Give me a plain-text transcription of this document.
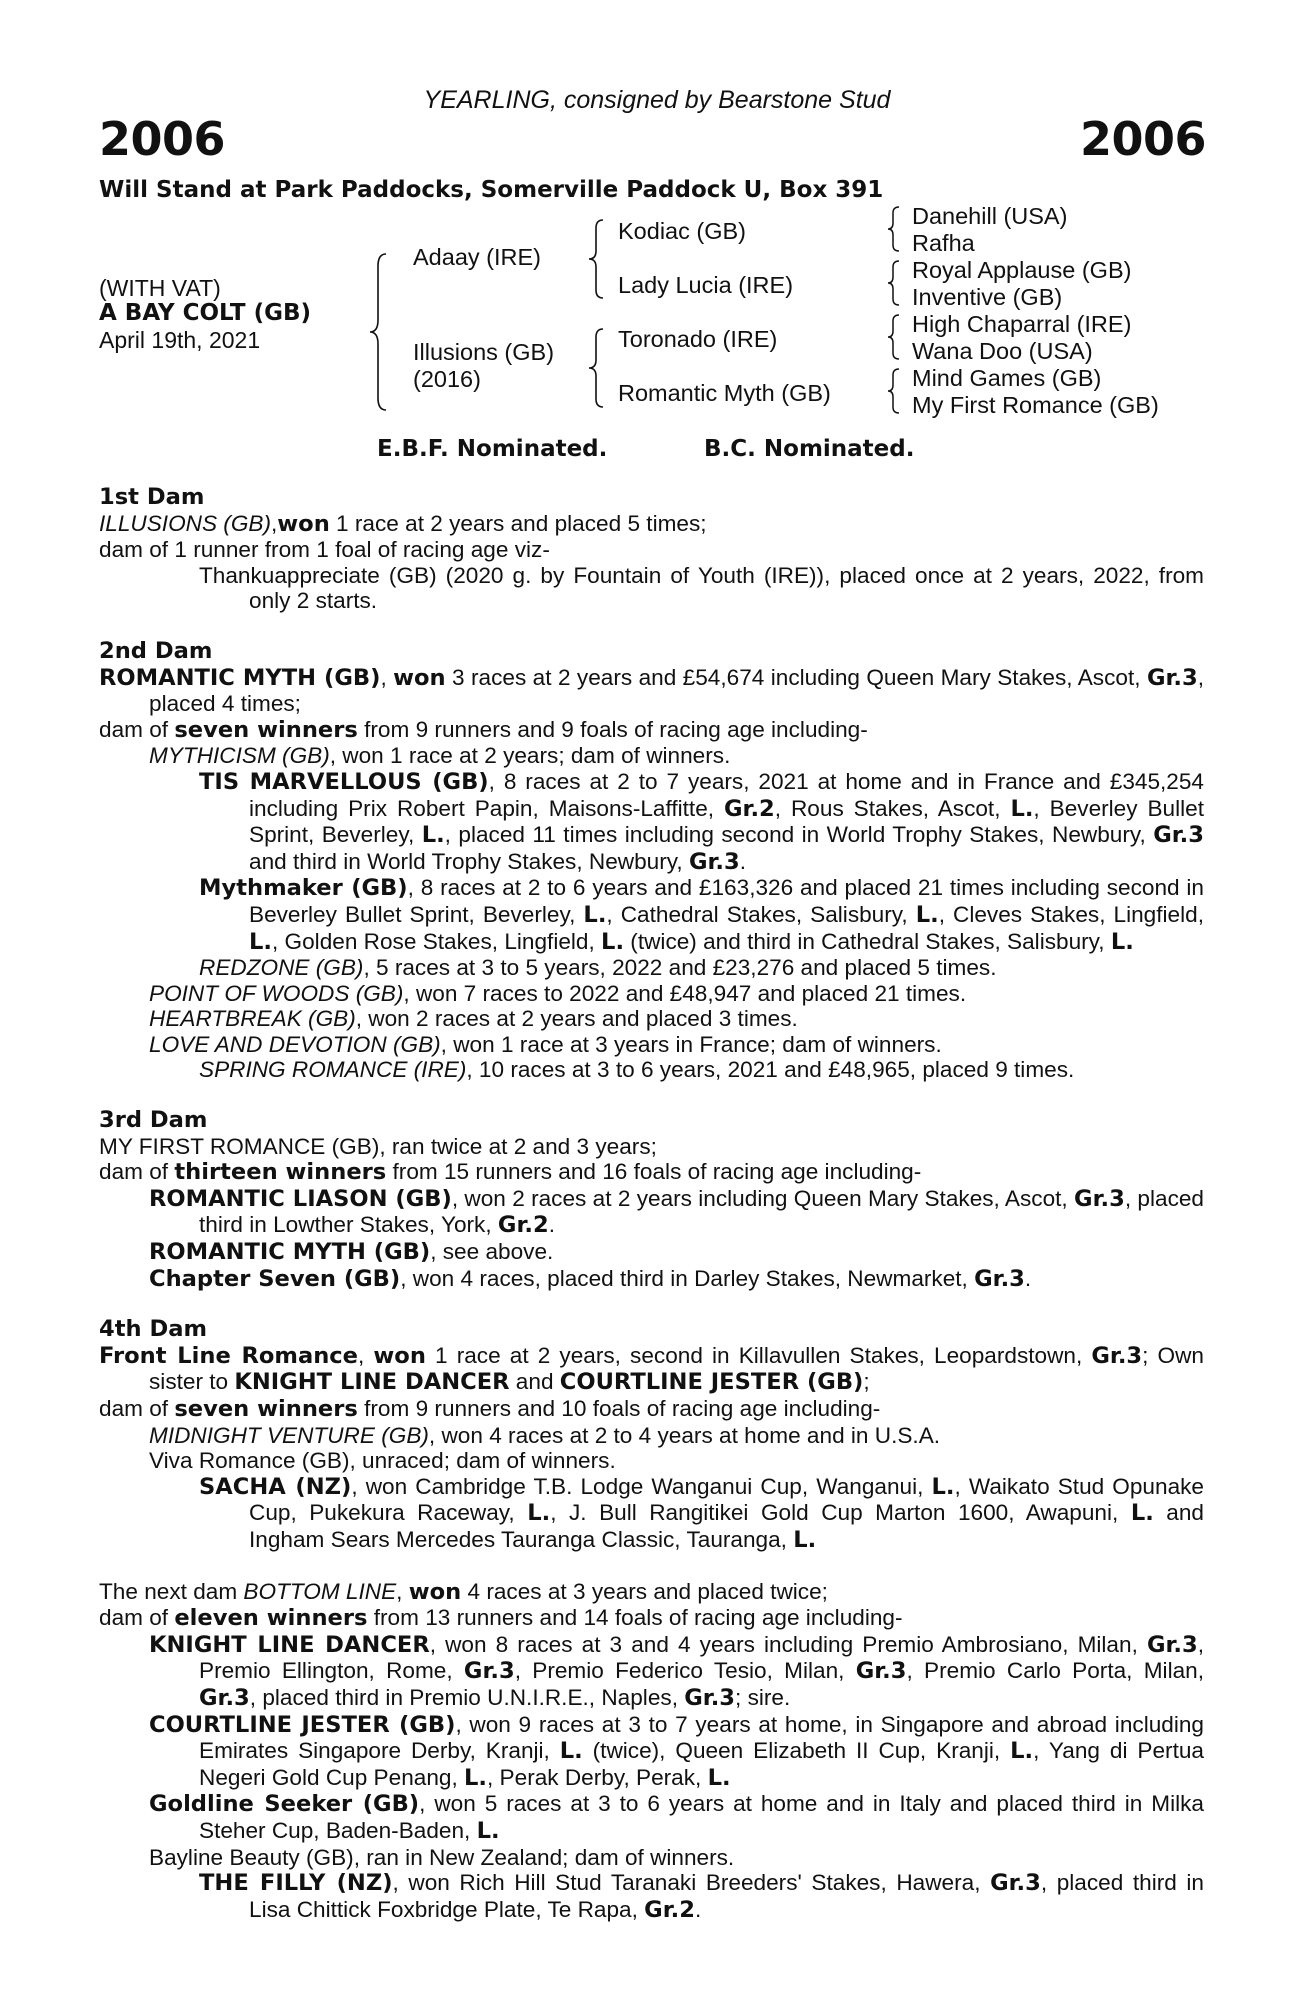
YEARLING, consigned by Bearstone Stud
2006	2006
Will Stand at Park Paddocks, Somerville Paddock U, Box 391
(WITH VAT)
A BAY COLT (GB)
April 19th, 2021
Adaay (IRE)
Illusions (GB)
(2016)
Kodiac (GB)
Lady Lucia (IRE)
Toronado (IRE)
Romantic Myth (GB)
Danehill (USA)
Rafha
Royal Applause (GB)
Inventive (GB)
High Chaparral (IRE)
Wana Doo (USA)
Mind Games (GB)
My First Romance (GB)
E.B.F. Nominated.	B.C. Nominated.
1st Dam
ILLUSIONS (GB),won 1 race at 2 years and placed 5 times;
dam of 1 runner from 1 foal of racing age viz-
Thankuappreciate (GB) (2020 g. by Fountain of Youth (IRE)), placed once at 2 years, 2022, from only 2 starts.
2nd Dam
ROMANTIC MYTH (GB), won 3 races at 2 years and £54,674 including Queen Mary Stakes, Ascot, Gr.3, placed 4 times;
dam of seven winners from 9 runners and 9 foals of racing age including-
MYTHICISM (GB), won 1 race at 2 years; dam of winners.
TIS MARVELLOUS (GB), 8 races at 2 to 7 years, 2021 at home and in France and £345,254 including Prix Robert Papin, Maisons-Laffitte, Gr.2, Rous Stakes, Ascot, L., Beverley Bullet Sprint, Beverley, L., placed 11 times including second in World Trophy Stakes, Newbury, Gr.3 and third in World Trophy Stakes, Newbury, Gr.3.
Mythmaker (GB), 8 races at 2 to 6 years and £163,326 and placed 21 times including second in Beverley Bullet Sprint, Beverley, L., Cathedral Stakes, Salisbury, L., Cleves Stakes, Lingfield, L., Golden Rose Stakes, Lingfield, L. (twice) and third in Cathedral Stakes, Salisbury, L.
REDZONE (GB), 5 races at 3 to 5 years, 2022 and £23,276 and placed 5 times.
POINT OF WOODS (GB), won 7 races to 2022 and £48,947 and placed 21 times.
HEARTBREAK (GB), won 2 races at 2 years and placed 3 times.
LOVE AND DEVOTION (GB), won 1 race at 3 years in France; dam of winners.
SPRING ROMANCE (IRE), 10 races at 3 to 6 years, 2021 and £48,965, placed 9 times.
3rd Dam
MY FIRST ROMANCE (GB), ran twice at 2 and 3 years;
dam of thirteen winners from 15 runners and 16 foals of racing age including-
ROMANTIC LIASON (GB), won 2 races at 2 years including Queen Mary Stakes, Ascot, Gr.3, placed third in Lowther Stakes, York, Gr.2.
ROMANTIC MYTH (GB), see above.
Chapter Seven (GB), won 4 races, placed third in Darley Stakes, Newmarket, Gr.3.
4th Dam
Front Line Romance, won 1 race at 2 years, second in Killavullen Stakes, Leopardstown, Gr.3; Own sister to KNIGHT LINE DANCER and COURTLINE JESTER (GB);
dam of seven winners from 9 runners and 10 foals of racing age including-
MIDNIGHT VENTURE (GB), won 4 races at 2 to 4 years at home and in U.S.A.
Viva Romance (GB), unraced; dam of winners.
SACHA (NZ), won Cambridge T.B. Lodge Wanganui Cup, Wanganui, L., Waikato Stud Opunake Cup, Pukekura Raceway, L., J. Bull Rangitikei Gold Cup Marton 1600, Awapuni, L. and Ingham Sears Mercedes Tauranga Classic, Tauranga, L.
The next dam BOTTOM LINE, won 4 races at 3 years and placed twice;
dam of eleven winners from 13 runners and 14 foals of racing age including-
KNIGHT LINE DANCER, won 8 races at 3 and 4 years including Premio Ambrosiano, Milan, Gr.3, Premio Ellington, Rome, Gr.3, Premio Federico Tesio, Milan, Gr.3, Premio Carlo Porta, Milan, Gr.3, placed third in Premio U.N.I.R.E., Naples, Gr.3; sire.
COURTLINE JESTER (GB), won 9 races at 3 to 7 years at home, in Singapore and abroad including Emirates Singapore Derby, Kranji, L. (twice), Queen Elizabeth II Cup, Kranji, L., Yang di Pertua Negeri Gold Cup Penang, L., Perak Derby, Perak, L.
Goldline Seeker (GB), won 5 races at 3 to 6 years at home and in Italy and placed third in Milka Steher Cup, Baden-Baden, L.
Bayline Beauty (GB), ran in New Zealand; dam of winners.
THE FILLY (NZ), won Rich Hill Stud Taranaki Breeders' Stakes, Hawera, Gr.3, placed third in Lisa Chittick Foxbridge Plate, Te Rapa, Gr.2.
